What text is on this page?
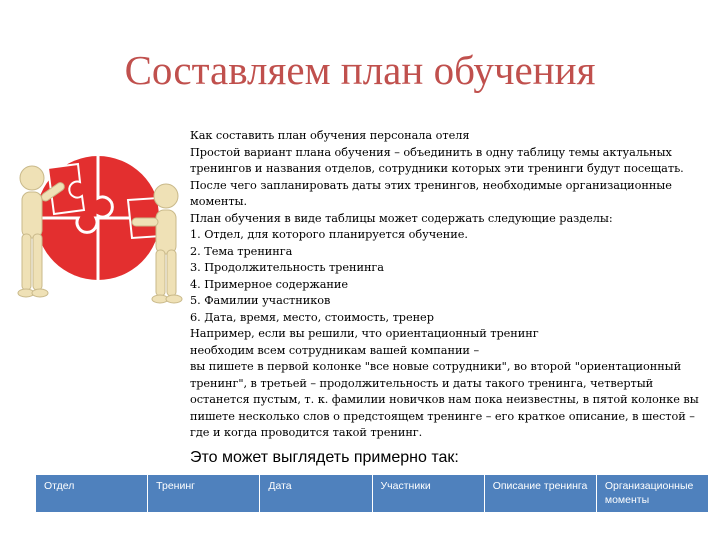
Составляем план обучения
Как составить план обучения персонала отеля
Простой вариант плана обучения – объединить в одну таблицу темы актуальных
тренингов и названия отделов, сотрудники которых эти тренинги будут посещать.
После чего запланировать даты этих тренингов, необходимые организационные
моменты.
План обучения в виде таблицы может содержать следующие разделы:
1. Отдел, для которого планируется обучение.
2. Тема тренинга
3. Продолжительность тренинга
4. Примерное содержание
5. Фамилии участников
6. Дата, время, место, стоимость, тренер
Например, если вы решили, что ориентационный тренинг
необходим всем сотрудникам вашей компании –
вы пишете в первой колонке "все новые сотрудники", во второй "ориентационный
тренинг", в третьей – продолжительность и даты такого тренинга, четвертый
останется пустым, т. к. фамилии новичков нам пока неизвестны, в пятой колонке вы
пишете несколько слов о предстоящем тренинге – его краткое описание, в шестой –
где и когда проводится такой тренинг.
Это может выглядеть примерно так:
Отдел	Тренинг	Дата	Участники	Описание тренинга	Организационные моменты
